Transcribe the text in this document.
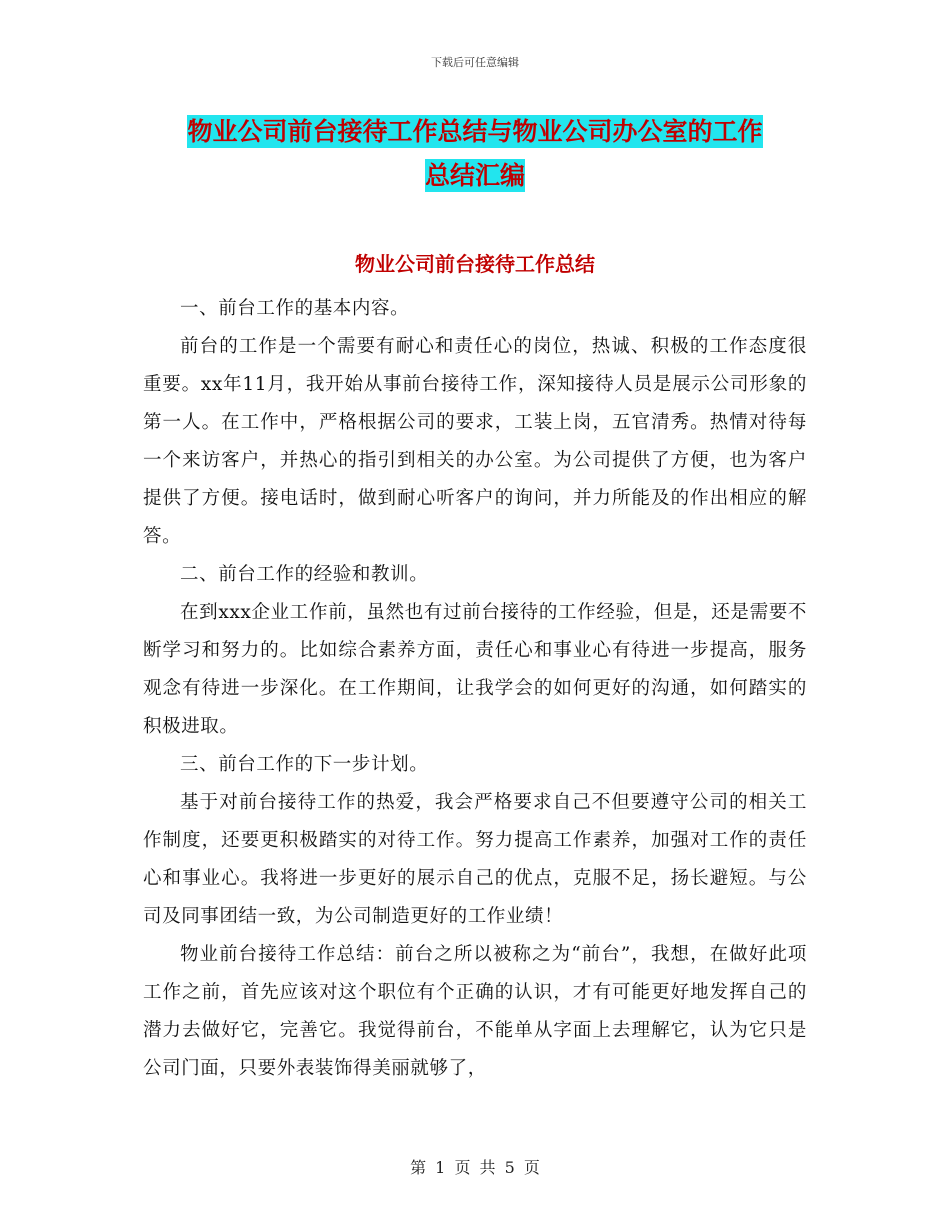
下载后可任意编辑
物业公司前台接待工作总结与物业公司办公室的工作
总结汇编
物业公司前台接待工作总结

一、前台工作的基本内容。

前台的工作是一个需要有耐心和责任心的岗位，热诚、积极的工作态度很重要。xx年11月，我开始从事前台接待工作，深知接待人员是展示公司形象的第一人。在工作中，严格根据公司的要求，工装上岗，五官清秀。热情对待每一个来访客户，并热心的指引到相关的办公室。为公司提供了方便，也为客户提供了方便。接电话时，做到耐心听客户的询问，并力所能及的作出相应的解答。

二、前台工作的经验和教训。

在到xxx企业工作前，虽然也有过前台接待的工作经验，但是，还是需要不断学习和努力的。比如综合素养方面，责任心和事业心有待进一步提高，服务观念有待进一步深化。在工作期间，让我学会的如何更好的沟通，如何踏实的积极进取。

三、前台工作的下一步计划。

基于对前台接待工作的热爱，我会严格要求自己不但要遵守公司的相关工作制度，还要更积极踏实的对待工作。努力提高工作素养，加强对工作的责任心和事业心。我将进一步更好的展示自己的优点，克服不足，扬长避短。与公司及同事团结一致，为公司制造更好的工作业绩！

物业前台接待工作总结：前台之所以被称之为“前台”，我想，在做好此项工作之前，首先应该对这个职位有个正确的认识，才有可能更好地发挥自己的潜力去做好它，完善它。我觉得前台，不能单从字面上去理解它，认为它只是公司门面，只要外表装饰得美丽就够了，

第 1 页 共 5 页
